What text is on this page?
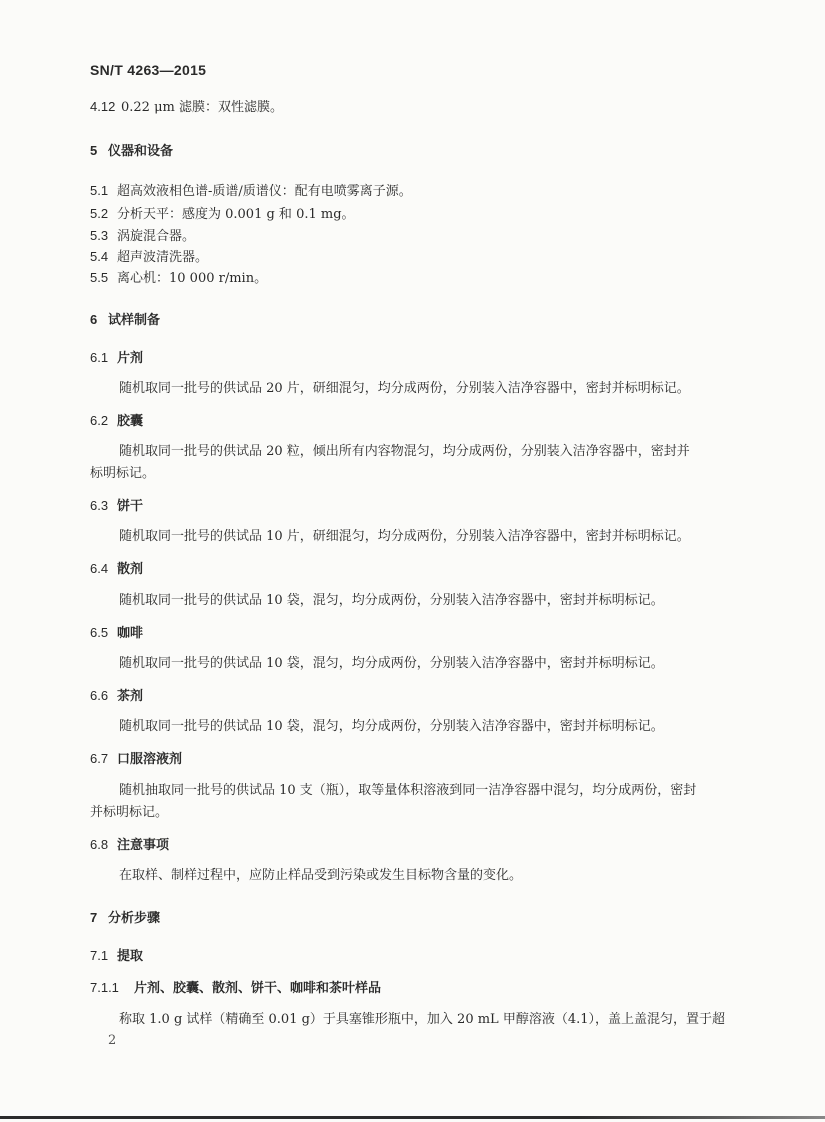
SN/T 4263—2015
4.12 0.22 μm 滤膜：双性滤膜。
5 仪器和设备
5.1 超高效液相色谱-质谱/质谱仪：配有电喷雾离子源。
5.2 分析天平：感度为 0.001 g 和 0.1 mg。
5.3 涡旋混合器。
5.4 超声波清洗器。
5.5 离心机：10 000 r/min。
6 试样制备
6.1 片剂
随机取同一批号的供试品 20 片，研细混匀，均分成两份，分别装入洁净容器中，密封并标明标记。
6.2 胶囊
随机取同一批号的供试品 20 粒，倾出所有内容物混匀，均分成两份，分别装入洁净容器中，密封并
标明标记。
6.3 饼干
随机取同一批号的供试品 10 片，研细混匀，均分成两份，分别装入洁净容器中，密封并标明标记。
6.4 散剂
随机取同一批号的供试品 10 袋，混匀，均分成两份，分别装入洁净容器中，密封并标明标记。
6.5 咖啡
随机取同一批号的供试品 10 袋，混匀，均分成两份，分别装入洁净容器中，密封并标明标记。
6.6 茶剂
随机取同一批号的供试品 10 袋，混匀，均分成两份，分别装入洁净容器中，密封并标明标记。
6.7 口服溶液剂
随机抽取同一批号的供试品 10 支（瓶），取等量体积溶液到同一洁净容器中混匀，均分成两份，密封
并标明标记。
6.8 注意事项
在取样、制样过程中，应防止样品受到污染或发生目标物含量的变化。
7 分析步骤
7.1 提取
7.1.1 片剂、胶囊、散剂、饼干、咖啡和茶叶样品
称取 1.0 g 试样（精确至 0.01 g）于具塞锥形瓶中，加入 20 mL 甲醇溶液（4.1），盖上盖混匀，置于超
2
